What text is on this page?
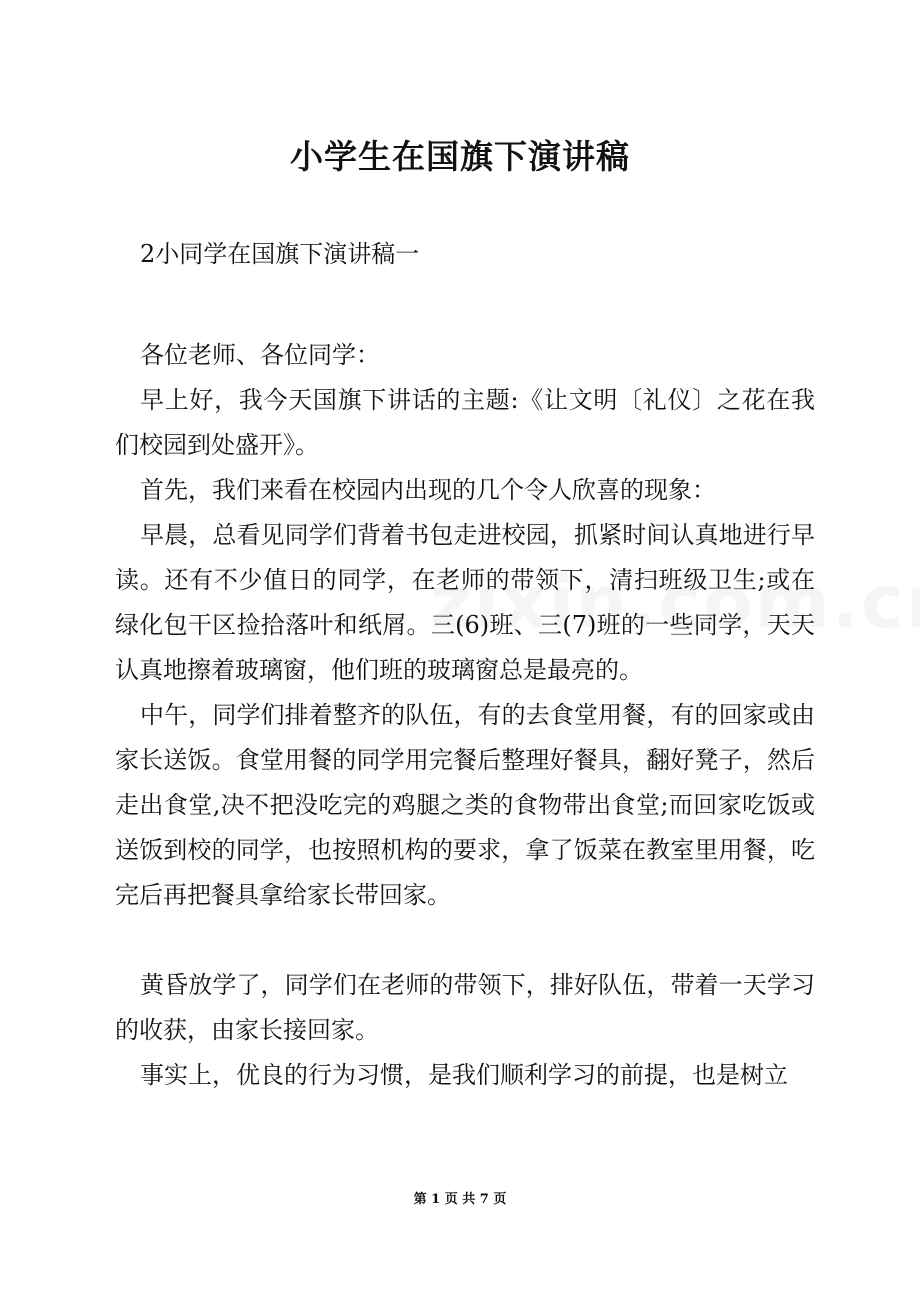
小学生在国旗下演讲稿
2小同学在国旗下演讲稿一

各位老师、各位同学：

早上好，我今天国旗下讲话的主题:《让文明〔礼仪〕之花在我们校园到处盛开》。

首先，我们来看在校园内出现的几个令人欣喜的现象：

早晨，总看见同学们背着书包走进校园，抓紧时间认真地进行早读。还有不少值日的同学，在老师的带领下，清扫班级卫生;或在绿化包干区捡拾落叶和纸屑。三(6)班、三(7)班的一些同学，天天认真地擦着玻璃窗，他们班的玻璃窗总是最亮的。

中午，同学们排着整齐的队伍，有的去食堂用餐，有的回家或由家长送饭。食堂用餐的同学用完餐后整理好餐具，翻好凳子，然后走出食堂,决不把没吃完的鸡腿之类的食物带出食堂;而回家吃饭或送饭到校的同学，也按照机构的要求，拿了饭菜在教室里用餐，吃完后再把餐具拿给家长带回家。

黄昏放学了，同学们在老师的带领下，排好队伍，带着一天学习的收获，由家长接回家。

事实上，优良的行为习惯，是我们顺利学习的前提，也是树立

第 1 页 共 7 页
